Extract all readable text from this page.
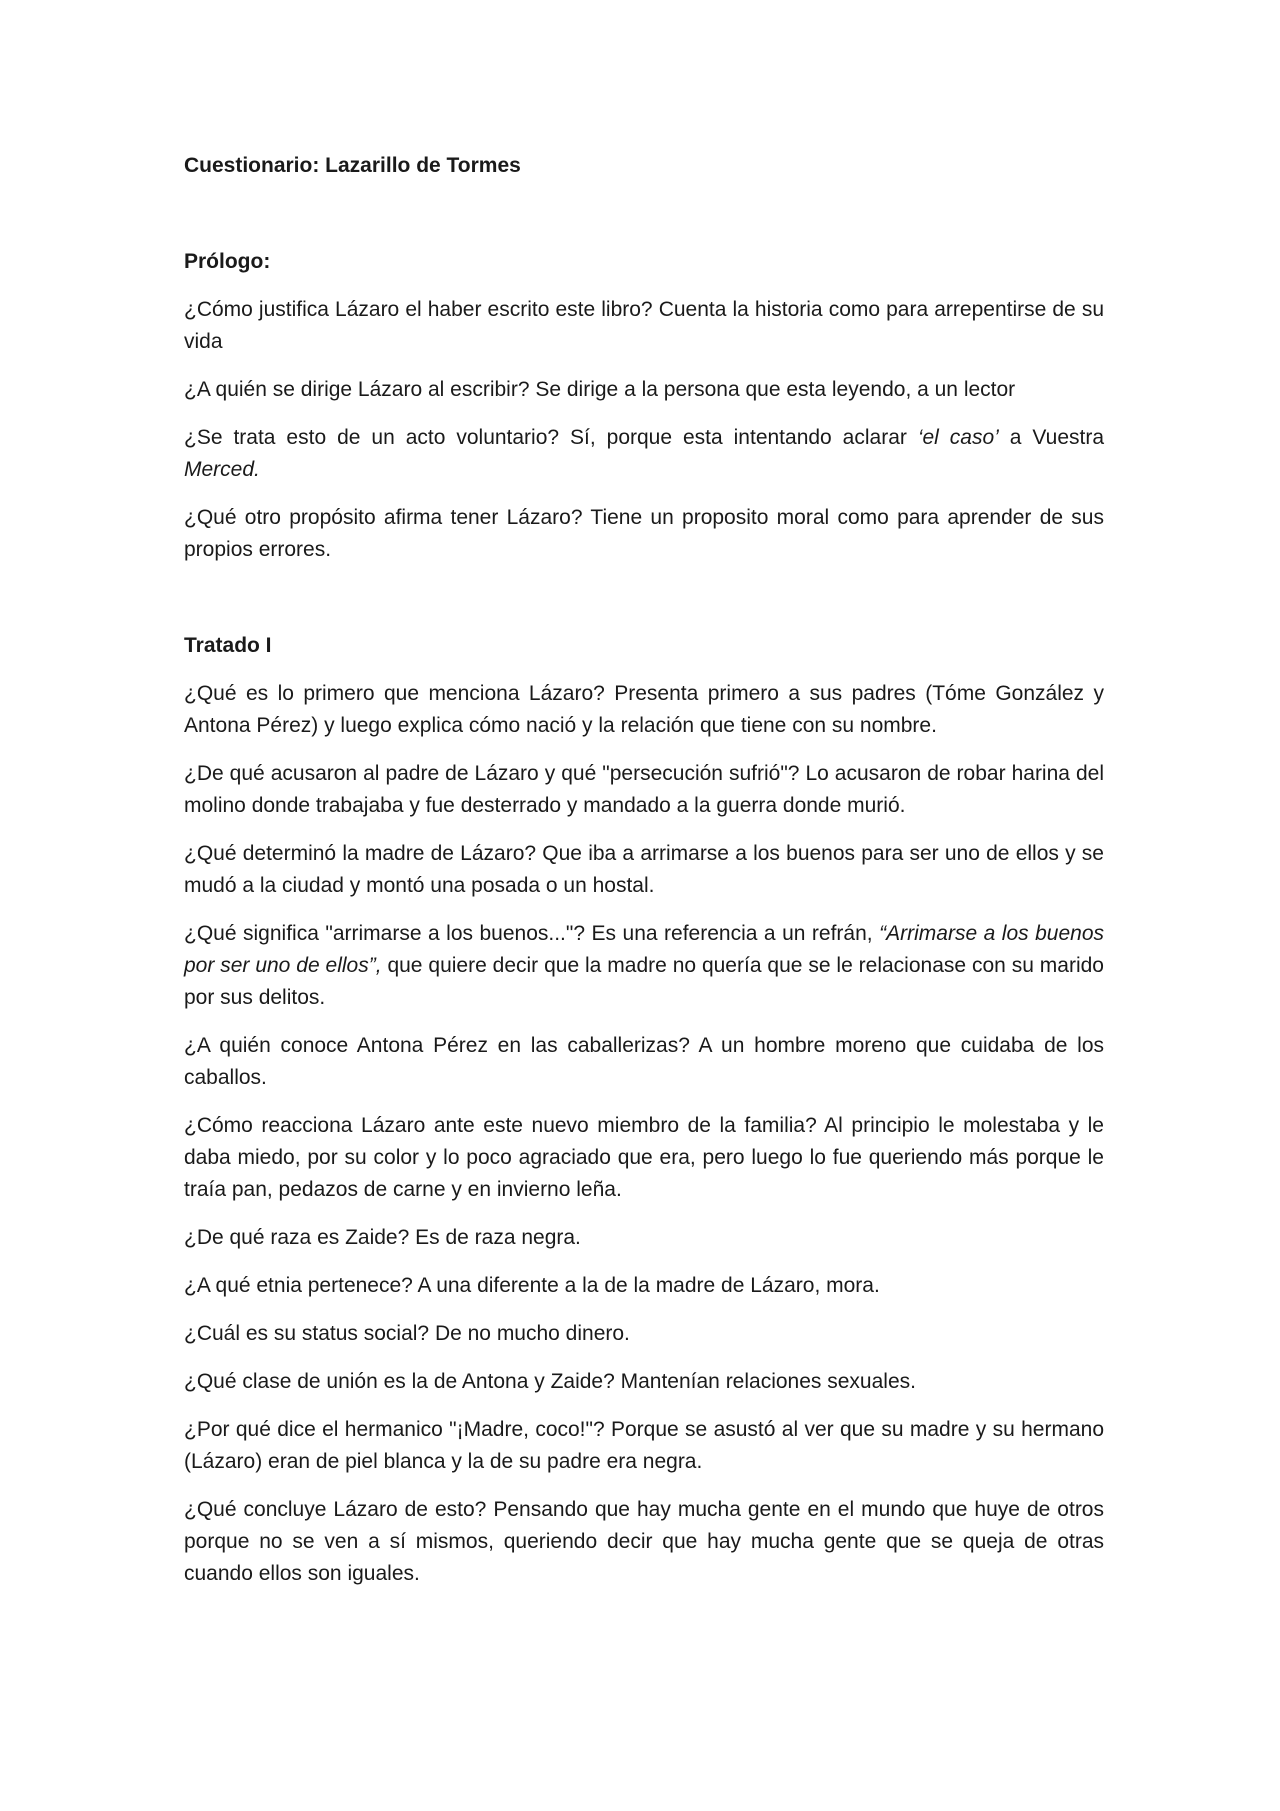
Cuestionario: Lazarillo de Tormes

Prólogo:

¿Cómo justifica Lázaro el haber escrito este libro? Cuenta la historia como para arrepentirse de su vida

¿A quién se dirige Lázaro al escribir? Se dirige a la persona que esta leyendo, a un lector

¿Se trata esto de un acto voluntario? Sí, porque esta intentando aclarar ‘el caso’ a Vuestra Merced.

¿Qué otro propósito afirma tener Lázaro? Tiene un proposito moral como para aprender de sus propios errores.

Tratado I

¿Qué es lo primero que menciona Lázaro? Presenta primero a sus padres (Tóme González y Antona Pérez) y luego explica cómo nació y la relación que tiene con su nombre.

¿De qué acusaron al padre de Lázaro y qué "persecución sufrió"? Lo acusaron de robar harina del molino donde trabajaba y fue desterrado y mandado a la guerra donde murió.

¿Qué determinó la madre de Lázaro? Que iba a arrimarse a los buenos para ser uno de ellos y se mudó a la ciudad y montó una posada o un hostal.

¿Qué significa "arrimarse a los buenos..."? Es una referencia a un refrán, “Arrimarse a los buenos por ser uno de ellos”, que quiere decir que la madre no quería que se le relacionase con su marido por sus delitos.

¿A quién conoce Antona Pérez en las caballerizas? A un hombre moreno que cuidaba de los caballos.

¿Cómo reacciona Lázaro ante este nuevo miembro de la familia? Al principio le molestaba y le daba miedo, por su color y lo poco agraciado que era, pero luego lo fue queriendo más porque le traía pan, pedazos de carne y en invierno leña.

¿De qué raza es Zaide? Es de raza negra.

¿A qué etnia pertenece? A una diferente a la de la madre de Lázaro, mora.

¿Cuál es su status social? De no mucho dinero.

¿Qué clase de unión es la de Antona y Zaide? Mantenían relaciones sexuales.

¿Por qué dice el hermanico "¡Madre, coco!"? Porque se asustó al ver que su madre y su hermano (Lázaro) eran de piel blanca y la de su padre era negra.

¿Qué concluye Lázaro de esto? Pensando que hay mucha gente en el mundo que huye de otros porque no se ven a sí mismos, queriendo decir que hay mucha gente que se queja de otras cuando ellos son iguales.
